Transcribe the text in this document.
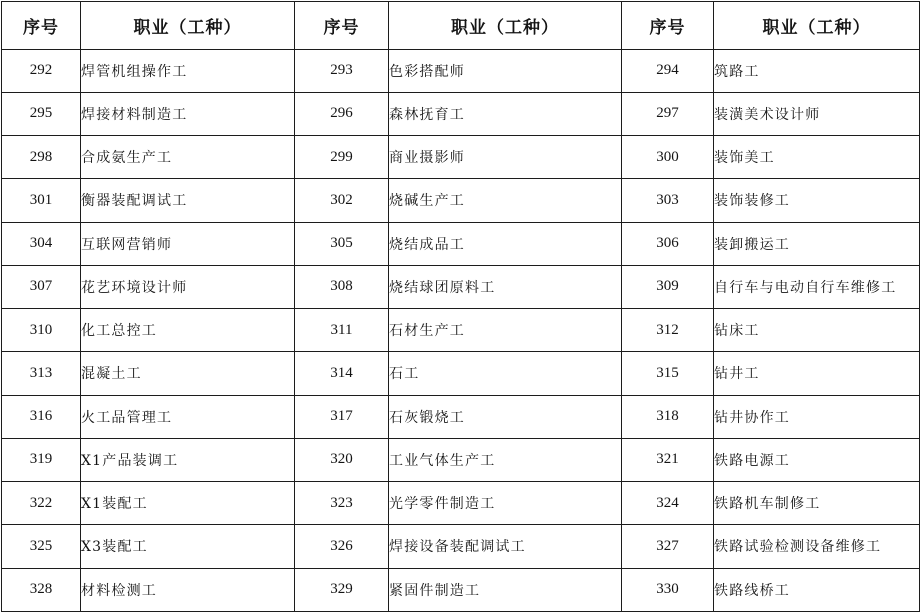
序号	职业（工种）	序号	职业（工种）	序号	职业（工种）
292	焊管机组操作工	293	色彩搭配师	294	筑路工
295	焊接材料制造工	296	森林抚育工	297	装潢美术设计师
298	合成氨生产工	299	商业摄影师	300	装饰美工
301	衡器装配调试工	302	烧碱生产工	303	装饰装修工
304	互联网营销师	305	烧结成品工	306	装卸搬运工
307	花艺环境设计师	308	烧结球团原料工	309	自行车与电动自行车维修工
310	化工总控工	311	石材生产工	312	钻床工
313	混凝土工	314	石工	315	钻井工
316	火工品管理工	317	石灰锻烧工	318	钻井协作工
319	X1产品装调工	320	工业气体生产工	321	铁路电源工
322	X1装配工	323	光学零件制造工	324	铁路机车制修工
325	X3装配工	326	焊接设备装配调试工	327	铁路试验检测设备维修工
328	材料检测工	329	紧固件制造工	330	铁路线桥工
